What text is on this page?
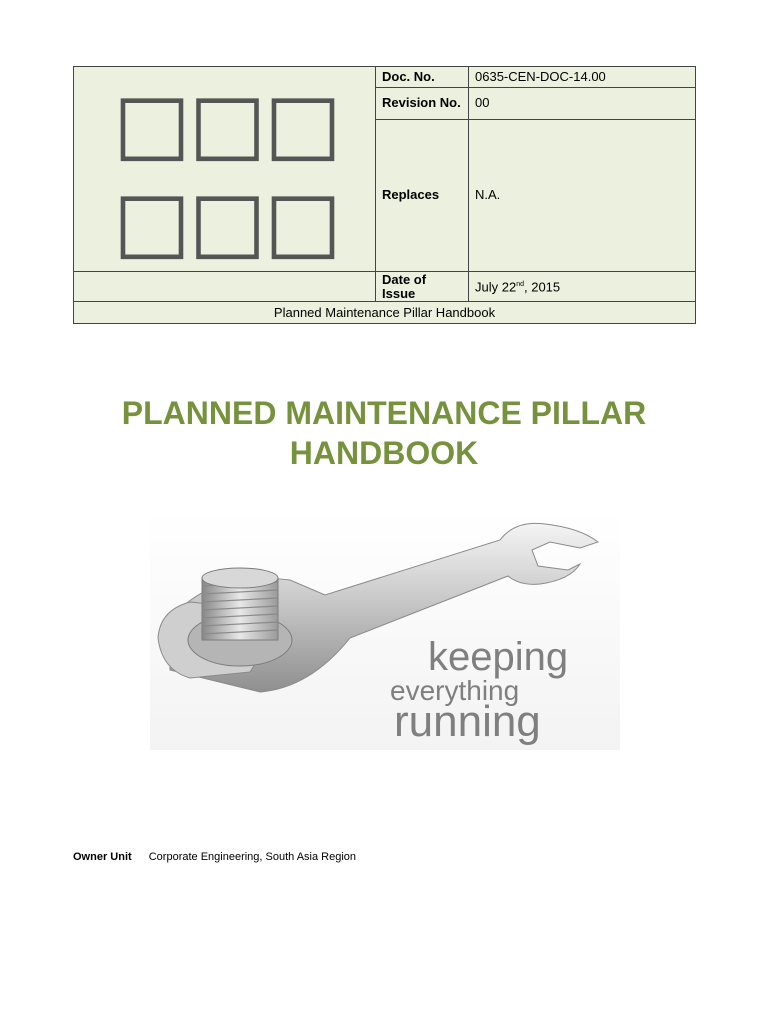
□□□□□□	Doc. No.	0635-CEN-DOC-14.00
	Revision No.	00
	Replaces	N.A.
	Date of Issue	July 22nd, 2015
Planned Maintenance Pillar Handbook		
PLANNED MAINTENANCE PILLAR
HANDBOOK
keeping
everything
running
Owner Unit Corporate Engineering, South Asia Region
